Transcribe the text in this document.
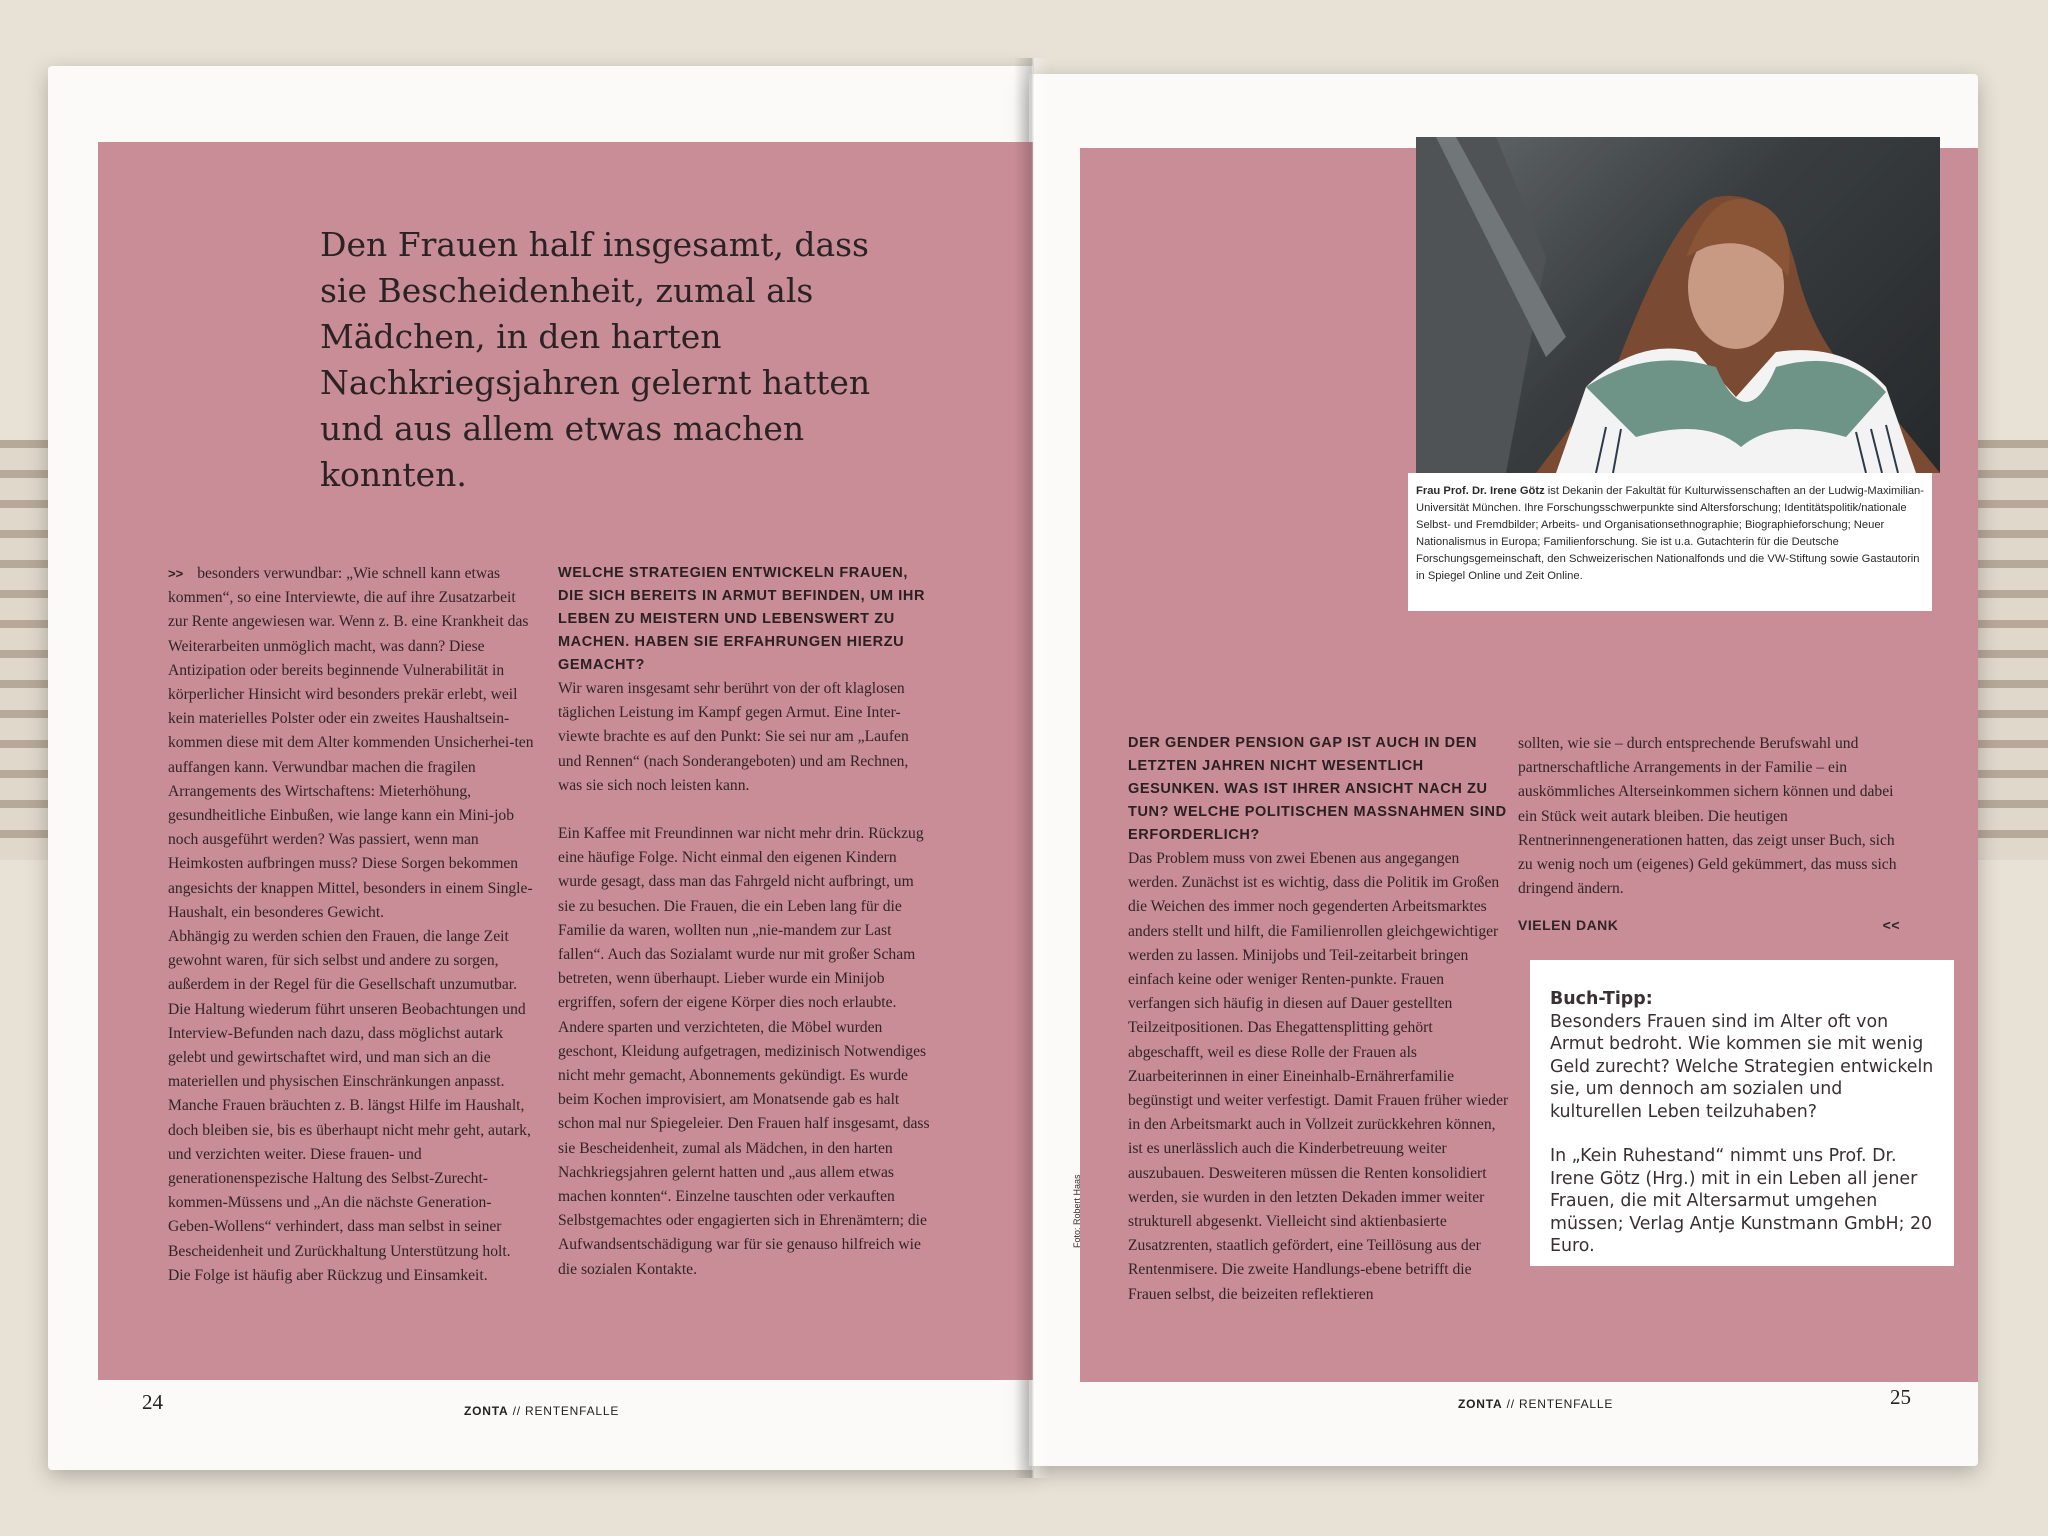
Den Frauen half insgesamt, dass sie Bescheidenheit, zumal als Mädchen, in den harten Nachkriegsjahren gelernt hatten und aus allem etwas machen konnten.

>> besonders verwundbar: „Wie schnell kann etwas kommen“, so eine Interviewte, die auf ihre Zusatzarbeit zur Rente angewiesen war. Wenn z. B. eine Krankheit das Weiterarbeiten unmöglich macht, was dann? Diese Antizipation oder bereits beginnende Vulnerabilität in körperlicher Hinsicht wird besonders prekär erlebt, weil kein materielles Polster oder ein zweites Haushaltsein-kommen diese mit dem Alter kommenden Unsicherhei-ten auffangen kann. Verwundbar machen die fragilen Arrangements des Wirtschaftens: Mieterhöhung, gesundheitliche Einbußen, wie lange kann ein Mini-job noch ausgeführt werden? Was passiert, wenn man Heimkosten aufbringen muss? Diese Sorgen bekommen angesichts der knappen Mittel, besonders in einem Single-Haushalt, ein besonderes Gewicht.

Abhängig zu werden schien den Frauen, die lange Zeit gewohnt waren, für sich selbst und andere zu sorgen, außerdem in der Regel für die Gesellschaft unzumutbar. Die Haltung wiederum führt unseren Beobachtungen und Interview-Befunden nach dazu, dass möglichst autark gelebt und gewirtschaftet wird, und man sich an die materiellen und physischen Einschränkungen anpasst. Manche Frauen bräuchten z. B. längst Hilfe im Haushalt, doch bleiben sie, bis es überhaupt nicht mehr geht, autark, und verzichten weiter. Diese frauen- und generationenspezische Haltung des Selbst-Zurecht-kommen-Müssens und „An die nächste Generation-Geben-Wollens“ verhindert, dass man selbst in seiner Bescheidenheit und Zurückhaltung Unterstützung holt. Die Folge ist häufig aber Rückzug und Einsamkeit.

WELCHE STRATEGIEN ENTWICKELN FRAUEN, DIE SICH BEREITS IN ARMUT BEFINDEN, UM IHR LEBEN ZU MEISTERN UND LEBENSWERT ZU MACHEN. HABEN SIE ERFAHRUNGEN HIERZU GEMACHT?

Wir waren insgesamt sehr berührt von der oft klaglosen täglichen Leistung im Kampf gegen Armut. Eine Inter-viewte brachte es auf den Punkt: Sie sei nur am „Laufen und Rennen“ (nach Sonderangeboten) und am Rechnen, was sie sich noch leisten kann.

Ein Kaffee mit Freundinnen war nicht mehr drin. Rückzug eine häufige Folge. Nicht einmal den eigenen Kindern wurde gesagt, dass man das Fahrgeld nicht aufbringt, um sie zu besuchen. Die Frauen, die ein Leben lang für die Familie da waren, wollten nun „nie-mandem zur Last fallen“. Auch das Sozialamt wurde nur mit großer Scham betreten, wenn überhaupt. Lieber wurde ein Minijob ergriffen, sofern der eigene Körper dies noch erlaubte. Andere sparten und verzichteten, die Möbel wurden geschont, Kleidung aufgetragen, medizinisch Notwendiges nicht mehr gemacht, Abonnements gekündigt. Es wurde beim Kochen improvisiert, am Monatsende gab es halt schon mal nur Spiegeleier. Den Frauen half insgesamt, dass sie Bescheidenheit, zumal als Mädchen, in den harten Nachkriegsjahren gelernt hatten und „aus allem etwas machen konnten“. Einzelne tauschten oder verkauften Selbstgemachtes oder engagierten sich in Ehrenämtern; die Aufwandsentschädigung war für sie genauso hilfreich wie die sozialen Kontakte.

Frau Prof. Dr. Irene Götz ist Dekanin der Fakultät für Kulturwissenschaften an der Ludwig-Maximilian-Universität München. Ihre Forschungsschwerpunkte sind Altersforschung; Identitätspolitik/nationale Selbst- und Fremdbilder; Arbeits- und Organisationsethnographie; Biographieforschung; Neuer Nationalismus in Europa; Familienforschung. Sie ist u.a. Gutachterin für die Deutsche Forschungsgemeinschaft, den Schweizerischen Nationalfonds und die VW-Stiftung sowie Gastautorin in Spiegel Online und Zeit Online.
Foto: Robert Haas

DER GENDER PENSION GAP IST AUCH IN DEN LETZTEN JAHREN NICHT WESENTLICH GESUNKEN. WAS IST IHRER ANSICHT NACH ZU TUN? WELCHE POLITISCHEN MASSNAHMEN SIND ERFORDERLICH?

Das Problem muss von zwei Ebenen aus angegangen werden. Zunächst ist es wichtig, dass die Politik im Großen die Weichen des immer noch gegenderten Arbeitsmarktes anders stellt und hilft, die Familienrollen gleichgewichtiger werden zu lassen. Minijobs und Teil-zeitarbeit bringen einfach keine oder weniger Renten-punkte. Frauen verfangen sich häufig in diesen auf Dauer gestellten Teilzeitpositionen. Das Ehegattensplitting gehört abgeschafft, weil es diese Rolle der Frauen als Zuarbeiterinnen in einer Eineinhalb-Ernährerfamilie begünstigt und weiter verfestigt. Damit Frauen früher wieder in den Arbeitsmarkt auch in Vollzeit zurückkehren können, ist es unerlässlich auch die Kinderbetreuung weiter auszubauen. Desweiteren müssen die Renten konsolidiert werden, sie wurden in den letzten Dekaden immer weiter strukturell abgesenkt. Vielleicht sind aktienbasierte Zusatzrenten, staatlich gefördert, eine Teillösung aus der Rentenmisere. Die zweite Handlungs-ebene betrifft die Frauen selbst, die beizeiten reflektieren

sollten, wie sie – durch entsprechende Berufswahl und partnerschaftliche Arrangements in der Familie – ein auskömmliches Alterseinkommen sichern können und dabei ein Stück weit autark bleiben. Die heutigen Rentnerinnengenerationen hatten, das zeigt unser Buch, sich zu wenig noch um (eigenes) Geld gekümmert, das muss sich dringend ändern.

VIELEN DANK	<<
Buch-Tipp:

Besonders Frauen sind im Alter oft von Armut bedroht. Wie kommen sie mit wenig Geld zurecht? Welche Strategien entwickeln sie, um dennoch am sozialen und kulturellen Leben teilzuhaben?

In „Kein Ruhestand“ nimmt uns Prof. Dr. Irene Götz (Hrg.) mit in ein Leben all jener Frauen, die mit Altersarmut umgehen müssen; Verlag Antje Kunstmann GmbH; 20 Euro.

24	ZONTA // RENTENFALLE	ZONTA // RENTENFALLE	25
